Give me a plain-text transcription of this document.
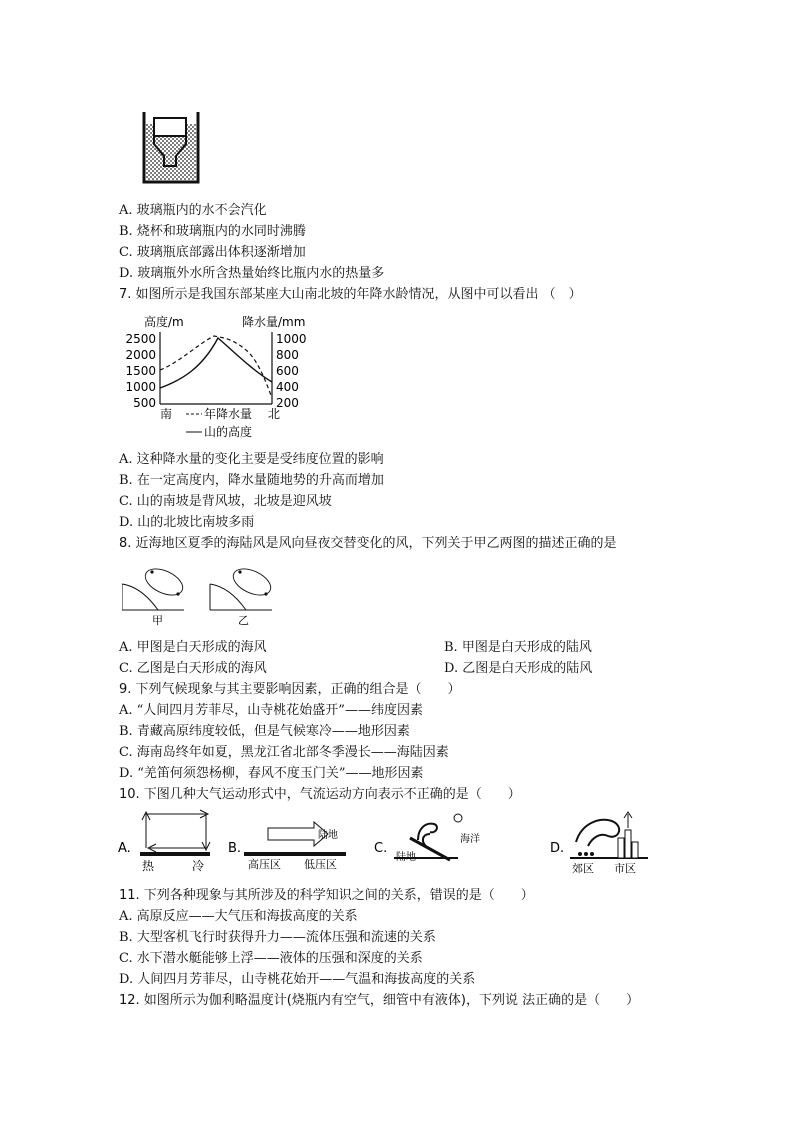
A. 玻璃瓶内的水不会汽化
B. 烧杯和玻璃瓶内的水同时沸腾
C. 玻璃瓶底部露出体积逐渐增加
D. 玻璃瓶外水所含热量始终比瓶内水的热量多
7. 如图所示是我国东部某座大山南北坡的年降水龄情况，从图中可以看出 （　）
高度/m	降水量/mm
2500
2000
1500
1000
500
1000
800
600
400
200
南	北
年降水量
山的高度
A. 这种降水量的变化主要是受纬度位置的影响
B. 在一定高度内，降水量随地势的升高而增加
C. 山的南坡是背风坡，北坡是迎风坡
D. 山的北坡比南坡多雨
8. 近海地区夏季的海陆风是风向昼夜交替变化的风，下列关于甲乙两图的描述正确的是
甲	乙
A. 甲图是白天形成的海风	B. 甲图是白天形成的陆风
C. 乙图是白天形成的海风	D. 乙图是白天形成的陆风
9. 下列气候现象与其主要影响因素，正确的组合是（　　）
A. “人间四月芳菲尽，山寺桃花始盛开”——纬度因素
B. 青藏高原纬度较低，但是气候寒冷——地形因素
C. 海南岛终年如夏，黑龙江省北部冬季漫长——海陆因素
D. “羌笛何须怨杨柳，春风不度玉门关”——地形因素
10. 下图几种大气运动形式中，气流运动方向表示不正确的是（　　）
A.
热	冷
B.
陆地
高压区 低压区
C.
陆地
海洋
D.
郊区 市区
11. 下列各种现象与其所涉及的科学知识之间的关系，错误的是（　　）
A. 高原反应——大气压和海拔高度的关系
B. 大型客机飞行时获得升力——流体压强和流速的关系
C. 水下潜水艇能够上浮——液体的压强和深度的关系
D. 人间四月芳菲尽，山寺桃花始开——气温和海拔高度的关系
12. 如图所示为伽利略温度计(烧瓶内有空气，细管中有液体)，下列说 法正确的是（　　）
